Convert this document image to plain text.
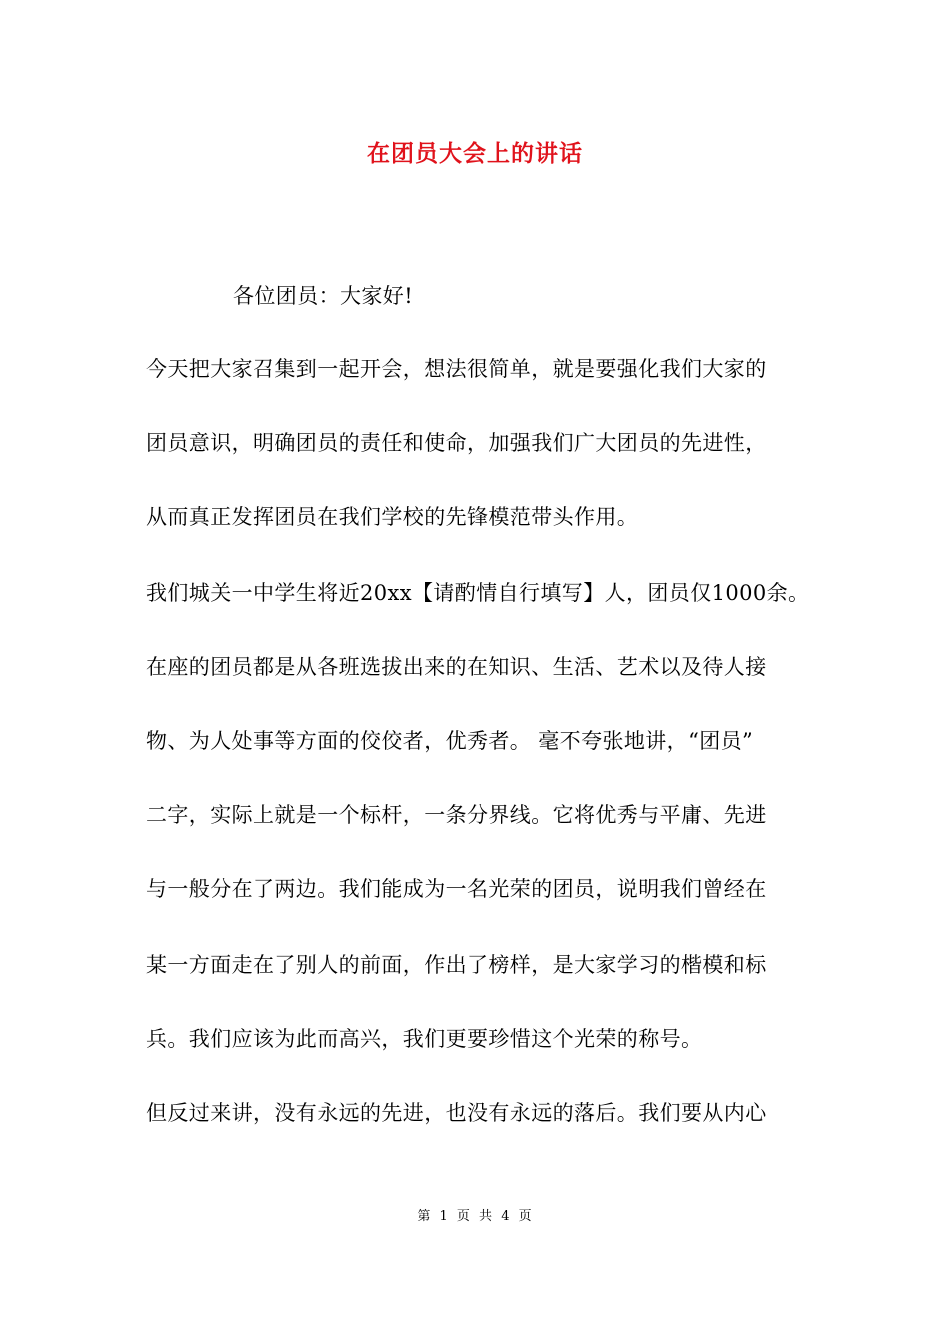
在团员大会上的讲话
各位团员：大家好!
今天把大家召集到一起开会，想法很简单，就是要强化我们大家的
团员意识，明确团员的责任和使命，加强我们广大团员的先进性，
从而真正发挥团员在我们学校的先锋模范带头作用。
我们城关一中学生将近20xx【请酌情自行填写】人，团员仅1000余。
在座的团员都是从各班选拔出来的在知识、生活、艺术以及待人接
物、为人处事等方面的佼佼者，优秀者。 毫不夸张地讲，“团员”
二字，实际上就是一个标杆，一条分界线。它将优秀与平庸、先进
与一般分在了两边。我们能成为一名光荣的团员，说明我们曾经在
某一方面走在了别人的前面，作出了榜样，是大家学习的楷模和标
兵。我们应该为此而高兴，我们更要珍惜这个光荣的称号。
但反过来讲，没有永远的先进，也没有永远的落后。我们要从内心
第 1 页 共 4 页
